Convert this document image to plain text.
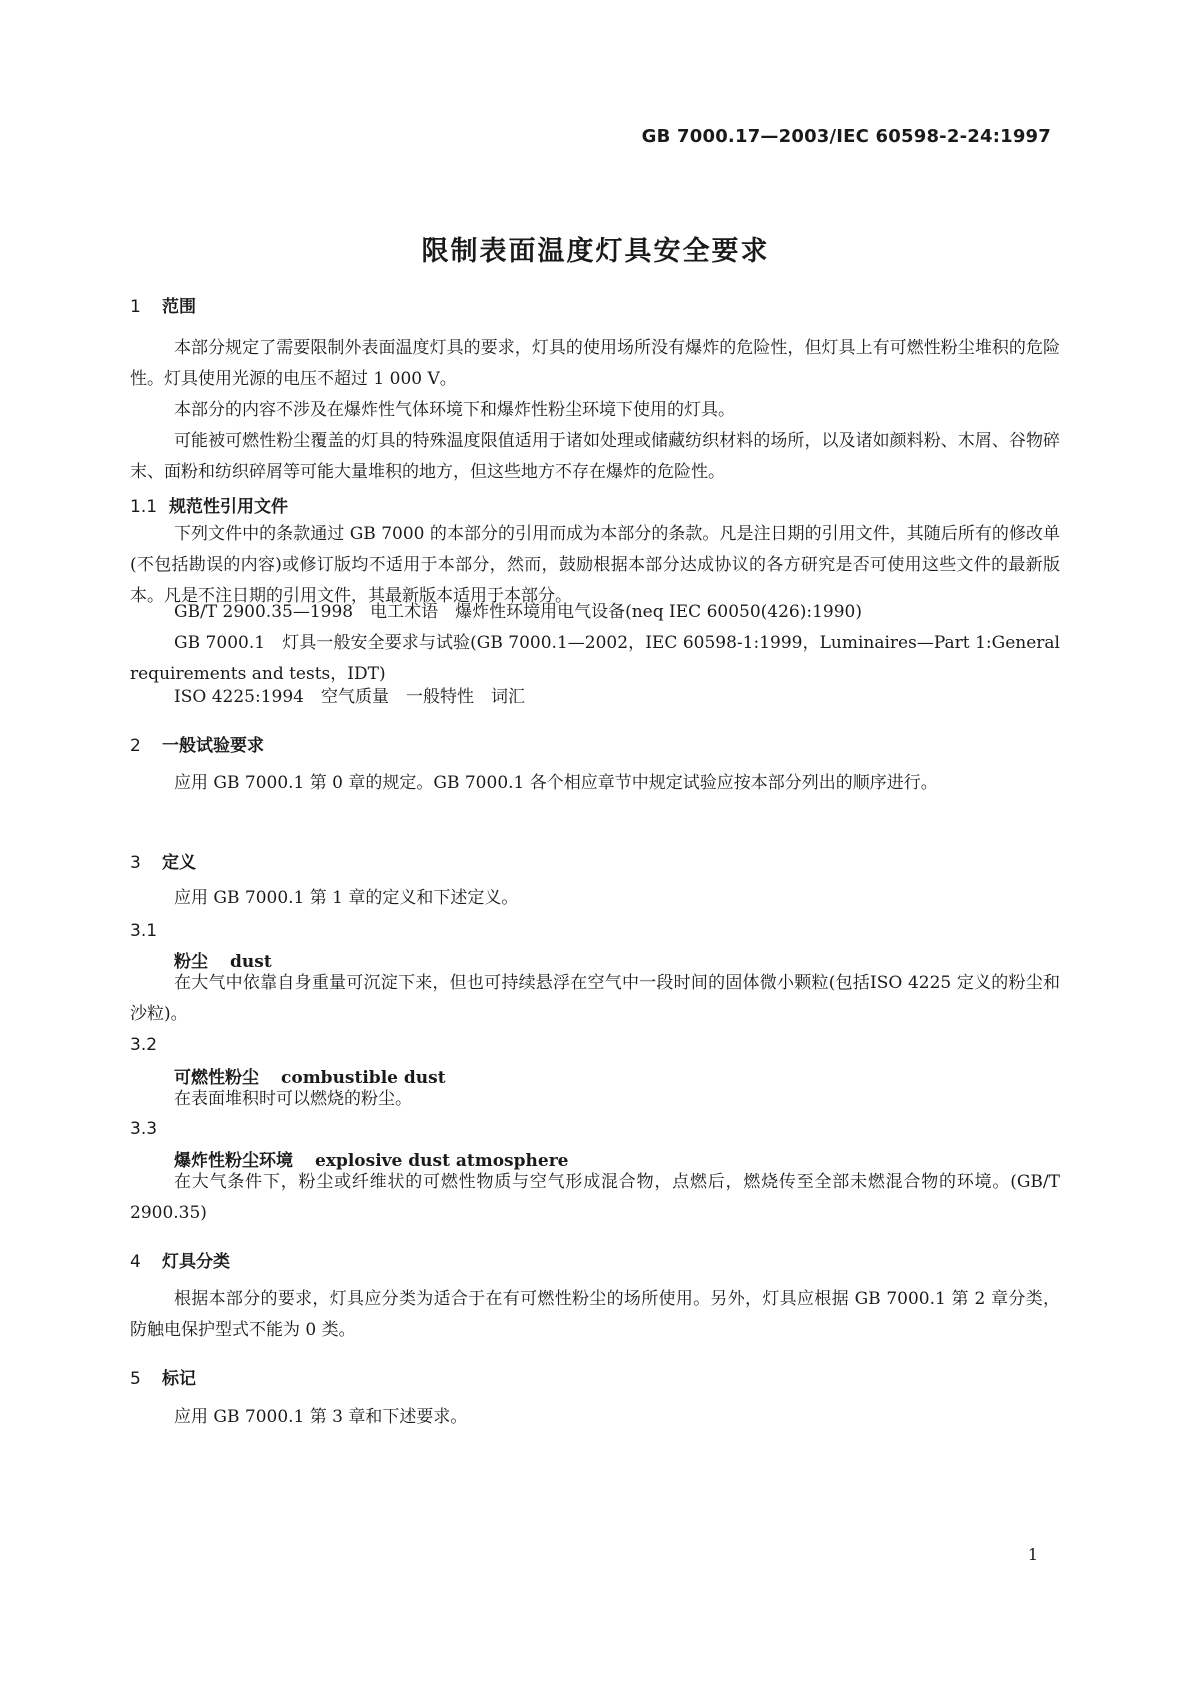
GB 7000.17—2003/IEC 60598-2-24:1997
限制表面温度灯具安全要求
1 范围
本部分规定了需要限制外表面温度灯具的要求，灯具的使用场所没有爆炸的危险性，但灯具上有可燃性粉尘堆积的危险性。灯具使用光源的电压不超过 1 000 V。
本部分的内容不涉及在爆炸性气体环境下和爆炸性粉尘环境下使用的灯具。
可能被可燃性粉尘覆盖的灯具的特殊温度限值适用于诸如处理或储藏纺织材料的场所，以及诸如颜料粉、木屑、谷物碎末、面粉和纺织碎屑等可能大量堆积的地方，但这些地方不存在爆炸的危险性。
1.1 规范性引用文件
下列文件中的条款通过 GB 7000 的本部分的引用而成为本部分的条款。凡是注日期的引用文件，其随后所有的修改单(不包括勘误的内容)或修订版均不适用于本部分，然而，鼓励根据本部分达成协议的各方研究是否可使用这些文件的最新版本。凡是不注日期的引用文件，其最新版本适用于本部分。
GB/T 2900.35—1998　电工术语　爆炸性环境用电气设备(neq IEC 60050(426):1990)
GB 7000.1　灯具一般安全要求与试验(GB 7000.1—2002，IEC 60598-1:1999，Luminaires—Part 1:General requirements and tests，IDT)
ISO 4225:1994　空气质量　一般特性　词汇
2 一般试验要求
应用 GB 7000.1 第 0 章的规定。GB 7000.1 各个相应章节中规定试验应按本部分列出的顺序进行。
3 定义
应用 GB 7000.1 第 1 章的定义和下述定义。
3.1
粉尘 dust
在大气中依靠自身重量可沉淀下来，但也可持续悬浮在空气中一段时间的固体微小颗粒(包括ISO 4225 定义的粉尘和沙粒)。
3.2
可燃性粉尘 combustible dust
在表面堆积时可以燃烧的粉尘。
3.3
爆炸性粉尘环境 explosive dust atmosphere
在大气条件下，粉尘或纤维状的可燃性物质与空气形成混合物，点燃后，燃烧传至全部未燃混合物的环境。(GB/T 2900.35)
4 灯具分类
根据本部分的要求，灯具应分类为适合于在有可燃性粉尘的场所使用。另外，灯具应根据 GB 7000.1 第 2 章分类，防触电保护型式不能为 0 类。
5 标记
应用 GB 7000.1 第 3 章和下述要求。
1
